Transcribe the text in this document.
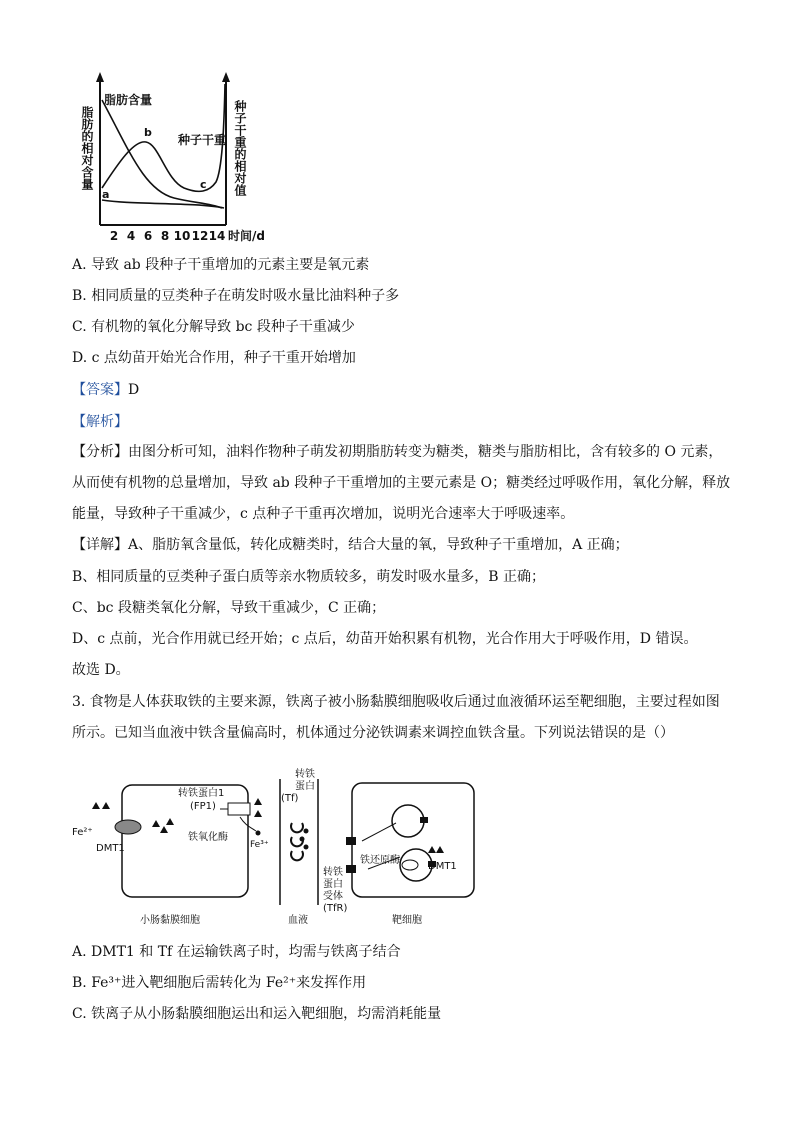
脂肪的相对含量	种子干重的相对值
脂肪含量
种子干重
a
b
c
2 4 6 8 10 12 14 时间/d
A. 导致 ab 段种子干重增加的元素主要是氧元素
B. 相同质量的豆类种子在萌发时吸水量比油料种子多
C. 有机物的氧化分解导致 bc 段种子干重减少
D. c 点幼苗开始光合作用，种子干重开始增加
【答案】D
【解析】
【分析】由图分析可知，油料作物种子萌发初期脂肪转变为糖类，糖类与脂肪相比，含有较多的 O 元素，
从而使有机物的总量增加，导致 ab 段种子干重增加的主要元素是 O；糖类经过呼吸作用，氧化分解，释放
能量，导致种子干重减少，c 点种子干重再次增加，说明光合速率大于呼吸速率。
【详解】A、脂肪氧含量低，转化成糖类时，结合大量的氧，导致种子干重增加，A 正确；
B、相同质量的豆类种子蛋白质等亲水物质较多，萌发时吸水量多，B 正确；
C、bc 段糖类氧化分解，导致干重减少，C 正确；
D、c 点前，光合作用就已经开始；c 点后，幼苗开始积累有机物，光合作用大于呼吸作用，D 错误。
故选 D。
3. 食物是人体获取铁的主要来源，铁离子被小肠黏膜细胞吸收后通过血液循环运至靶细胞，主要过程如图
所示。已知当血液中铁含量偏高时，机体通过分泌铁调素来调控血铁含量。下列说法错误的是（）
Fe²⁺
DMT1
转铁蛋白1
(FP1)
铁氧化酶
Fe³⁺
转铁
蛋白
(Tf)
转铁
蛋白
受体
(TfR)
铁还原酶
DMT1
小肠黏膜细胞	血液	靶细胞
A. DMT1 和 Tf 在运输铁离子时，均需与铁离子结合
B. Fe³⁺进入靶细胞后需转化为 Fe²⁺来发挥作用
C. 铁离子从小肠黏膜细胞运出和运入靶细胞，均需消耗能量
